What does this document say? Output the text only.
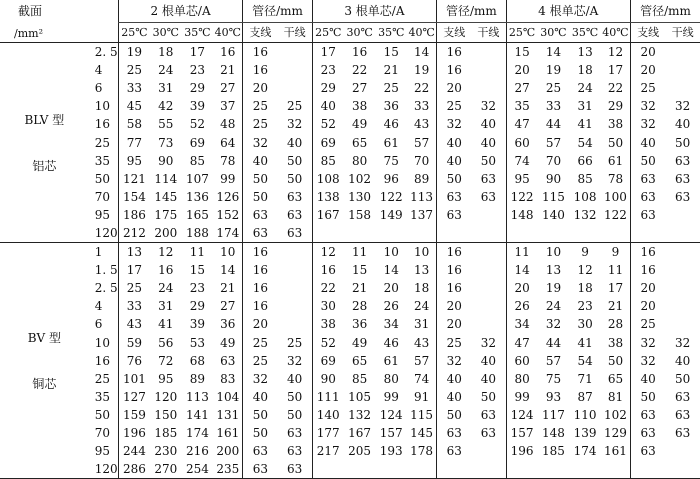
截面
/mm²		2 根单芯/A				管径/mm		3 根单芯/A				管径/mm		4 根单芯/A				管径/mm	
		25℃	30℃	35℃	40℃	支线	干线	25℃	30℃	35℃	40℃	支线	干线	25℃	30℃	35℃	40℃	支线	干线

BLV 型
铝芯	2. 5	19	18	17	16	16		17	16	15	14	16		15	14	13	12	20	
	4	25	24	23	21	16		23	22	21	19	16		20	19	18	17	20	
	6	33	31	29	27	20		29	27	25	22	20		27	25	24	22	25	
	10	45	42	39	37	25	25	40	38	36	33	25	32	35	33	31	29	32	32
	16	58	55	52	48	25	32	52	49	46	43	32	40	47	44	41	38	32	40
	25	77	73	69	64	32	40	69	65	61	57	40	40	60	57	54	50	40	50
	35	95	90	85	78	40	50	85	80	75	70	40	50	74	70	66	61	50	63
	50	121	114	107	99	50	50	108	102	96	89	50	63	95	90	85	78	63	63
	70	154	145	136	126	50	63	138	130	122	113	63	63	122	115	108	100	63	63
	95	186	175	165	152	63	63	167	158	149	137	63		148	140	132	122	63	
	120	212	200	188	174	63	63												

BV 型
铜芯	1	13	12	11	10	16		12	11	10	10	16		11	10	9	9	16	
	1. 5	17	16	15	14	16		16	15	14	13	16		14	13	12	11	16	
	2. 5	25	24	23	21	16		22	21	20	18	16		20	19	18	17	20	
	4	33	31	29	27	16		30	28	26	24	20		26	24	23	21	20	
	6	43	41	39	36	20		38	36	34	31	20		34	32	30	28	25	
	10	59	56	53	49	25	25	52	49	46	43	25	32	47	44	41	38	32	32
	16	76	72	68	63	25	32	69	65	61	57	32	40	60	57	54	50	32	40
	25	101	95	89	83	32	40	90	85	80	74	40	40	80	75	71	65	40	50
	35	127	120	113	104	40	50	111	105	99	91	40	50	99	93	87	81	50	63
	50	159	150	141	131	50	50	140	132	124	115	50	63	124	117	110	102	63	63
	70	196	185	174	161	50	63	177	167	157	145	63	63	157	148	139	129	63	63
	95	244	230	216	200	63	63	217	205	193	178	63		196	185	174	161	63	
	120	286	270	254	235	63	63												
